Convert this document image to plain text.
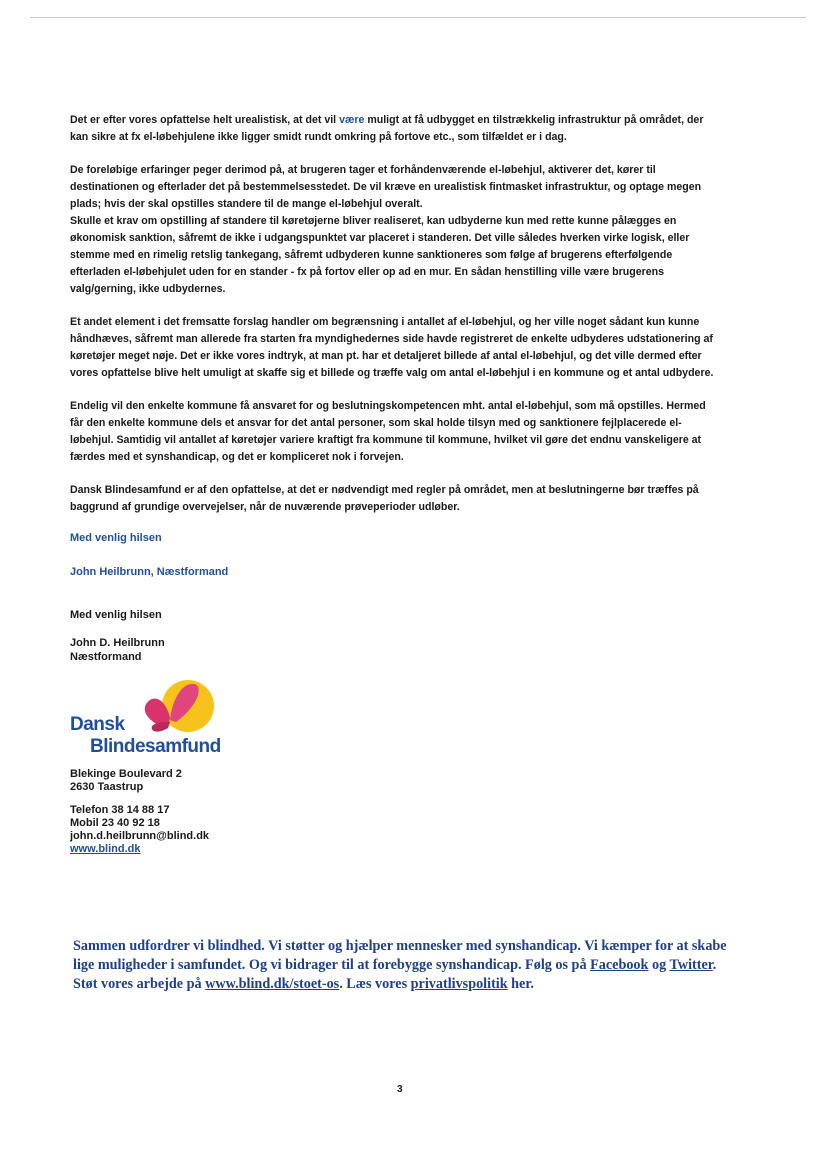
Det er efter vores opfattelse helt urealistisk, at det vil være muligt at få udbygget en tilstrækkelig infrastruktur på området, der kan sikre at fx el-løbehjulene ikke ligger smidt rundt omkring på fortove etc., som tilfældet er i dag.

De foreløbige erfaringer peger derimod på, at brugeren tager et forhåndenværende el-løbehjul, aktiverer det, kører til destinationen og efterlader det på bestemmelsesstedet. De vil kræve en urealistisk fintmasket infrastruktur, og optage megen plads; hvis der skal opstilles standere til de mange el-løbehjul overalt.

Skulle et krav om opstilling af standere til køretøjerne bliver realiseret, kan udbyderne kun med rette kunne pålægges en økonomisk sanktion, såfremt de ikke i udgangspunktet var placeret i standeren. Det ville således hverken virke logisk, eller stemme med en rimelig retslig tankegang, såfremt udbyderen kunne sanktioneres som følge af brugerens efterfølgende efterladen el-løbehjulet uden for en stander - fx på fortov eller op ad en mur. En sådan henstilling ville være brugerens valg/gerning, ikke udbydernes.

Et andet element i det fremsatte forslag handler om begrænsning i antallet af el-løbehjul, og her ville noget sådant kun kunne håndhæves, såfremt man allerede fra starten fra myndighedernes side havde registreret de enkelte udbyderes udstationering af køretøjer meget nøje. Det er ikke vores indtryk, at man pt. har et detaljeret billede af antal el-løbehjul, og det ville dermed efter vores opfattelse blive helt umuligt at skaffe sig et billede og træffe valg om antal el-løbehjul i en kommune og et antal udbydere.

Endelig vil den enkelte kommune få ansvaret for og beslutningskompetencen mht. antal el-løbehjul, som må opstilles. Hermed får den enkelte kommune dels et ansvar for det antal personer, som skal holde tilsyn med og sanktionere fejlplacerede el-løbehjul. Samtidig vil antallet af køretøjer variere kraftigt fra kommune til kommune, hvilket vil gøre det endnu vanskeligere at færdes med et synshandicap, og det er kompliceret nok i forvejen.

Dansk Blindesamfund er af den opfattelse, at det er nødvendigt med regler på området, men at beslutningerne bør træffes på baggrund af grundige overvejelser, når de nuværende prøveperioder udløber.

Med venlig hilsen
John Heilbrunn, Næstformand
Med venlig hilsen
John D. Heilbrunn
Næstformand
Dansk
Blindesamfund
Blekinge Boulevard 2
2630 Taastrup
Telefon 38 14 88 17
Mobil 23 40 92 18
john.d.heilbrunn@blind.dk
www.blind.dk
Sammen udfordrer vi blindhed. Vi støtter og hjælper mennesker med synshandicap. Vi kæmper for at skabe lige muligheder i samfundet. Og vi bidrager til at forebygge synshandicap. Følg os på Facebook og Twitter. Støt vores arbejde på www.blind.dk/stoet-os. Læs vores privatlivspolitik her.
3
